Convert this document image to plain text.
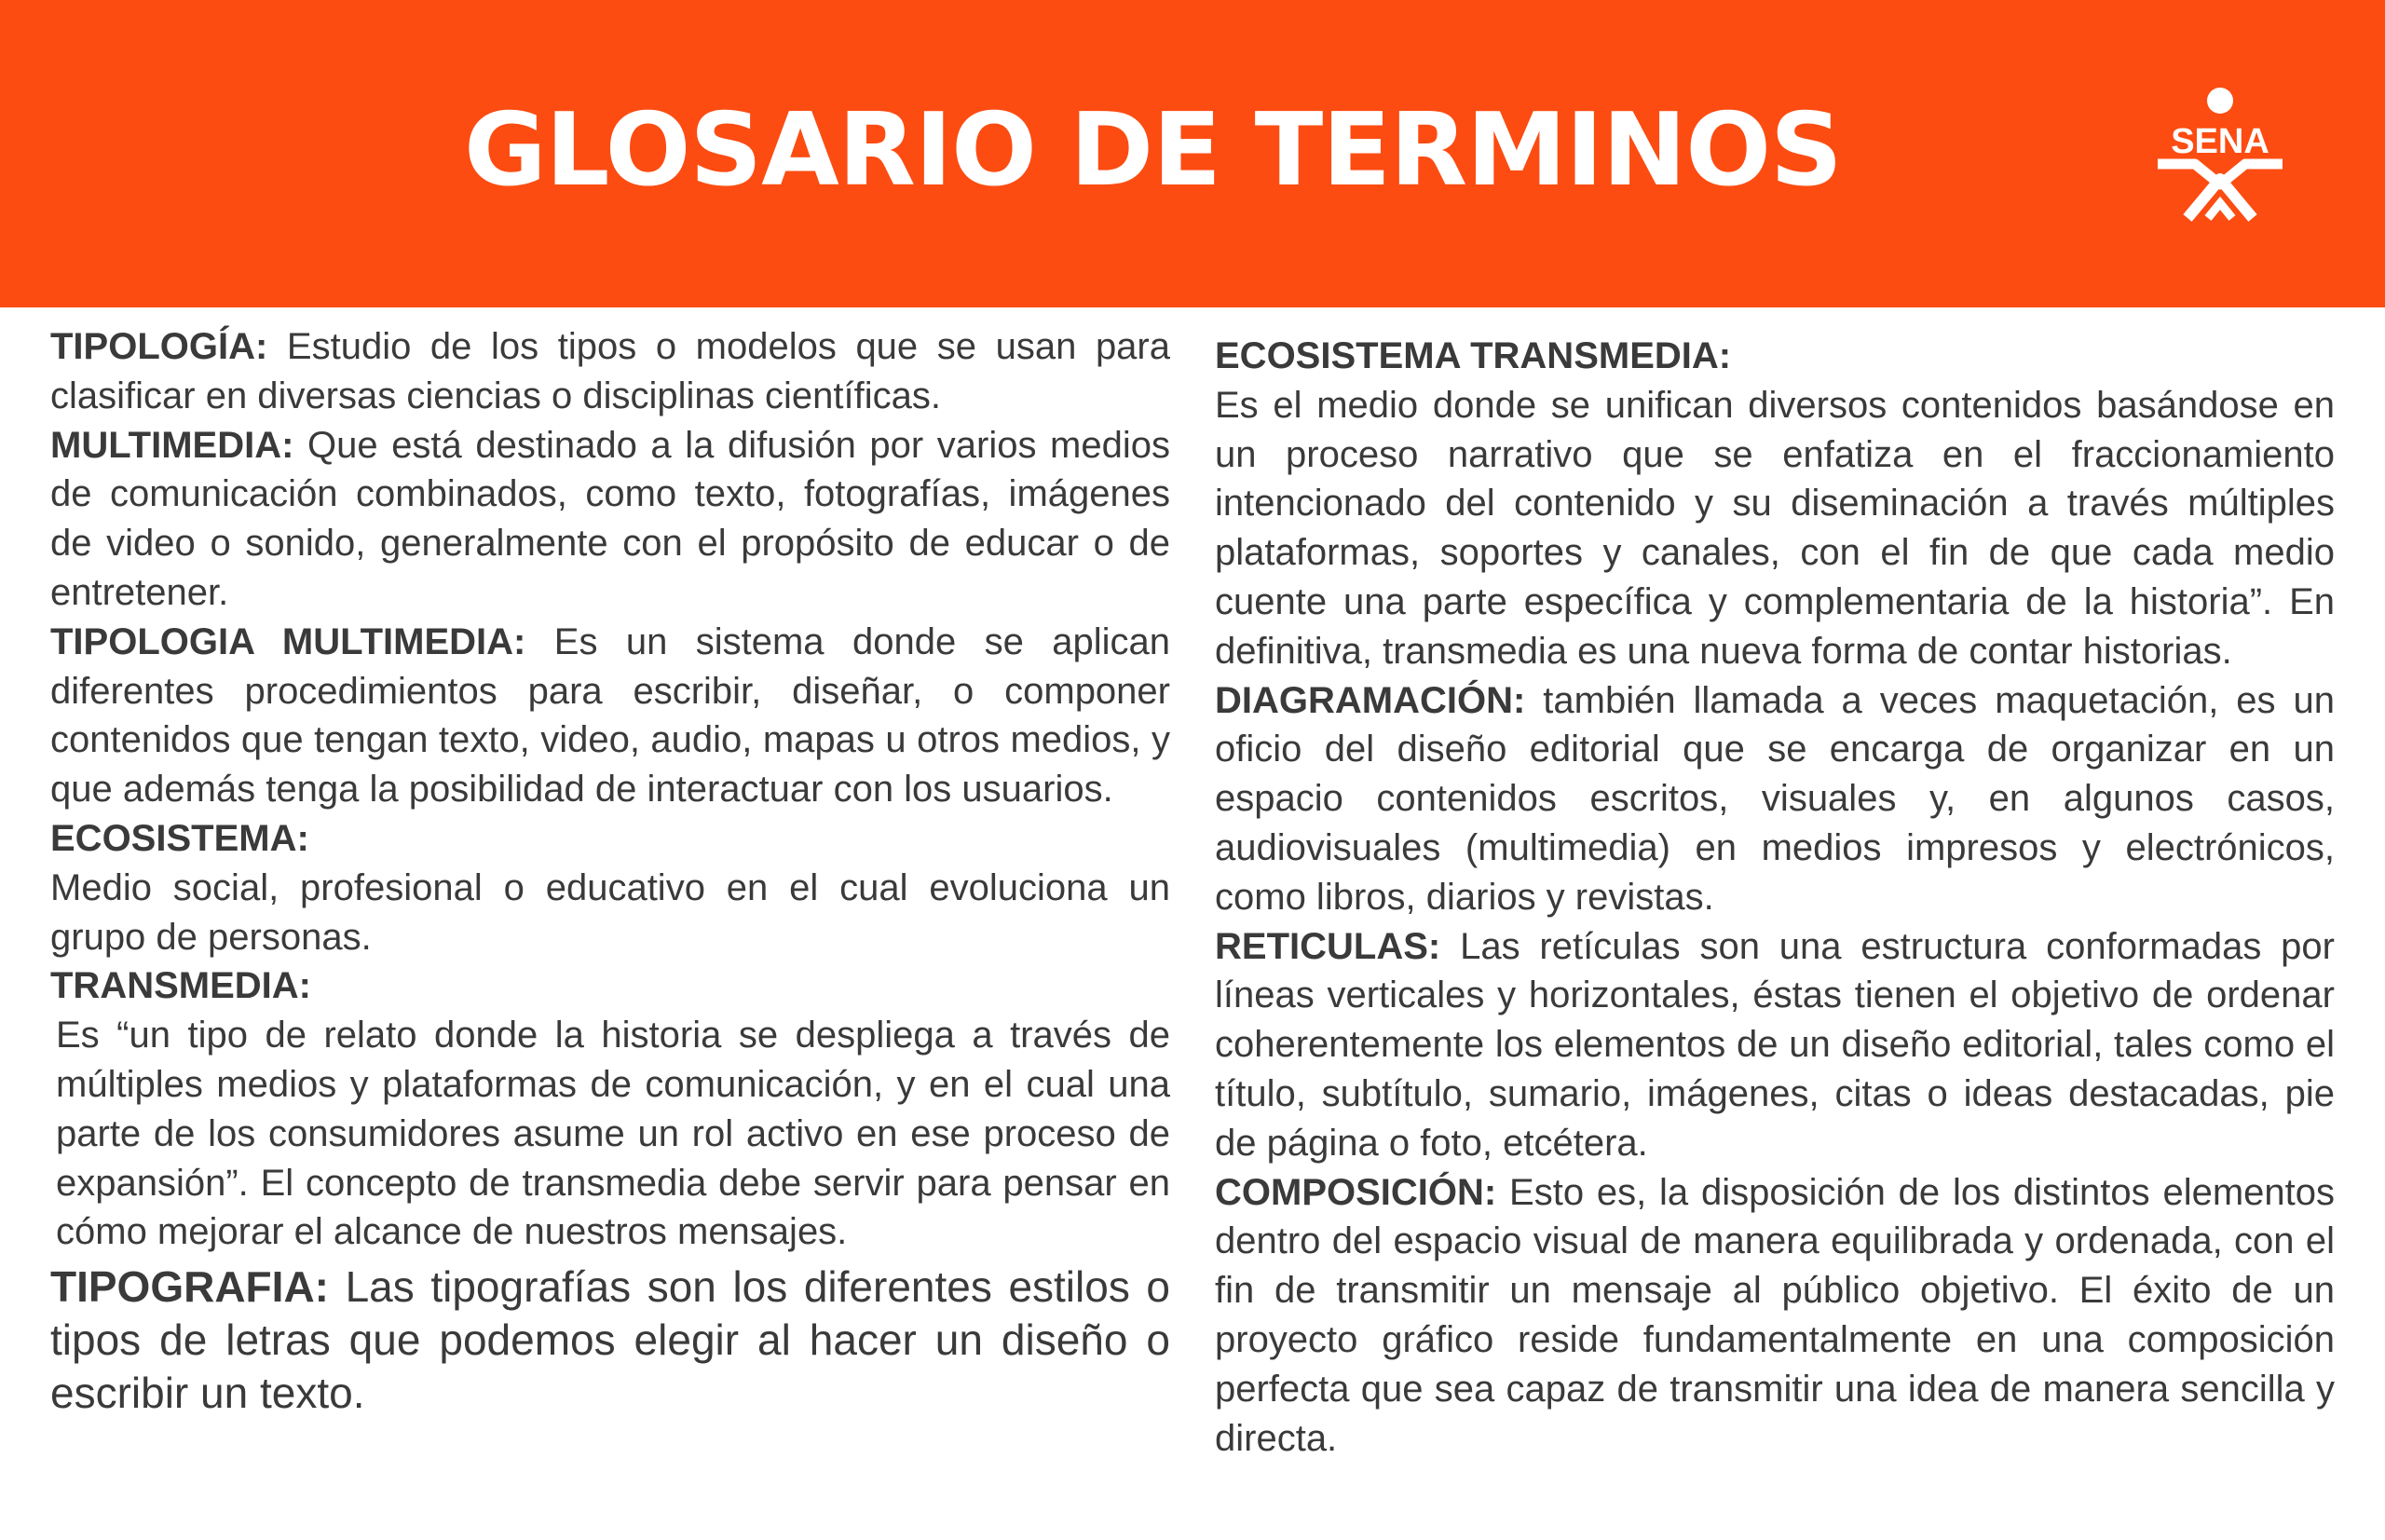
GLOSARIO DE TERMINOS	SENA

TIPOLOGÍA: Estudio de los tipos o modelos que se usan para clasificar en diversas ciencias o disciplinas científicas.

MULTIMEDIA: Que está destinado a la difusión por varios medios de comunicación combinados, como texto, fotografías, imágenes de video o sonido, generalmente con el propósito de educar o de entretener.

TIPOLOGIA MULTIMEDIA: Es un sistema donde se aplican diferentes procedimientos para escribir, diseñar, o componer contenidos que tengan texto, video, audio, mapas u otros medios, y que además tenga la posibilidad de interactuar con los usuarios.

ECOSISTEMA:
Medio social, profesional o educativo en el cual evoluciona un grupo de personas.
TRANSMEDIA:
Es “un tipo de relato donde la historia se despliega a través de múltiples medios y plataformas de comunicación, y en el cual una parte de los consumidores asume un rol activo en ese proceso de expansión”. El concepto de transmedia debe servir para pensar en cómo mejorar el alcance de nuestros mensajes.

TIPOGRAFIA: Las tipografías son los diferentes estilos o tipos de letras que podemos elegir al hacer un diseño o escribir un texto.

ECOSISTEMA TRANSMEDIA:
Es el medio donde se unifican diversos contenidos basándose en un proceso narrativo que se enfatiza en el fraccionamiento intencionado del contenido y su diseminación a través múltiples plataformas, soportes y canales, con el fin de que cada medio cuente una parte específica y complementaria de la historia”. En definitiva, transmedia es una nueva forma de contar historias.

DIAGRAMACIÓN: también llamada a veces maquetación, es un oficio del diseño editorial que se encarga de organizar en un espacio contenidos escritos, visuales y, en algunos casos, audiovisuales (multimedia) en medios impresos y electrónicos, como libros, diarios y revistas.

RETICULAS: Las retículas son una estructura conformadas por líneas verticales y horizontales, éstas tienen el objetivo de ordenar coherentemente los elementos de un diseño editorial, tales como el título, subtítulo, sumario, imágenes, citas o ideas destacadas, pie de página o foto, etcétera.

COMPOSICIÓN: Esto es, la disposición de los distintos elementos dentro del espacio visual de manera equilibrada y ordenada, con el fin de transmitir un mensaje al público objetivo. El éxito de un proyecto gráfico reside fundamentalmente en una composición perfecta que sea capaz de transmitir una idea de manera sencilla y directa.
